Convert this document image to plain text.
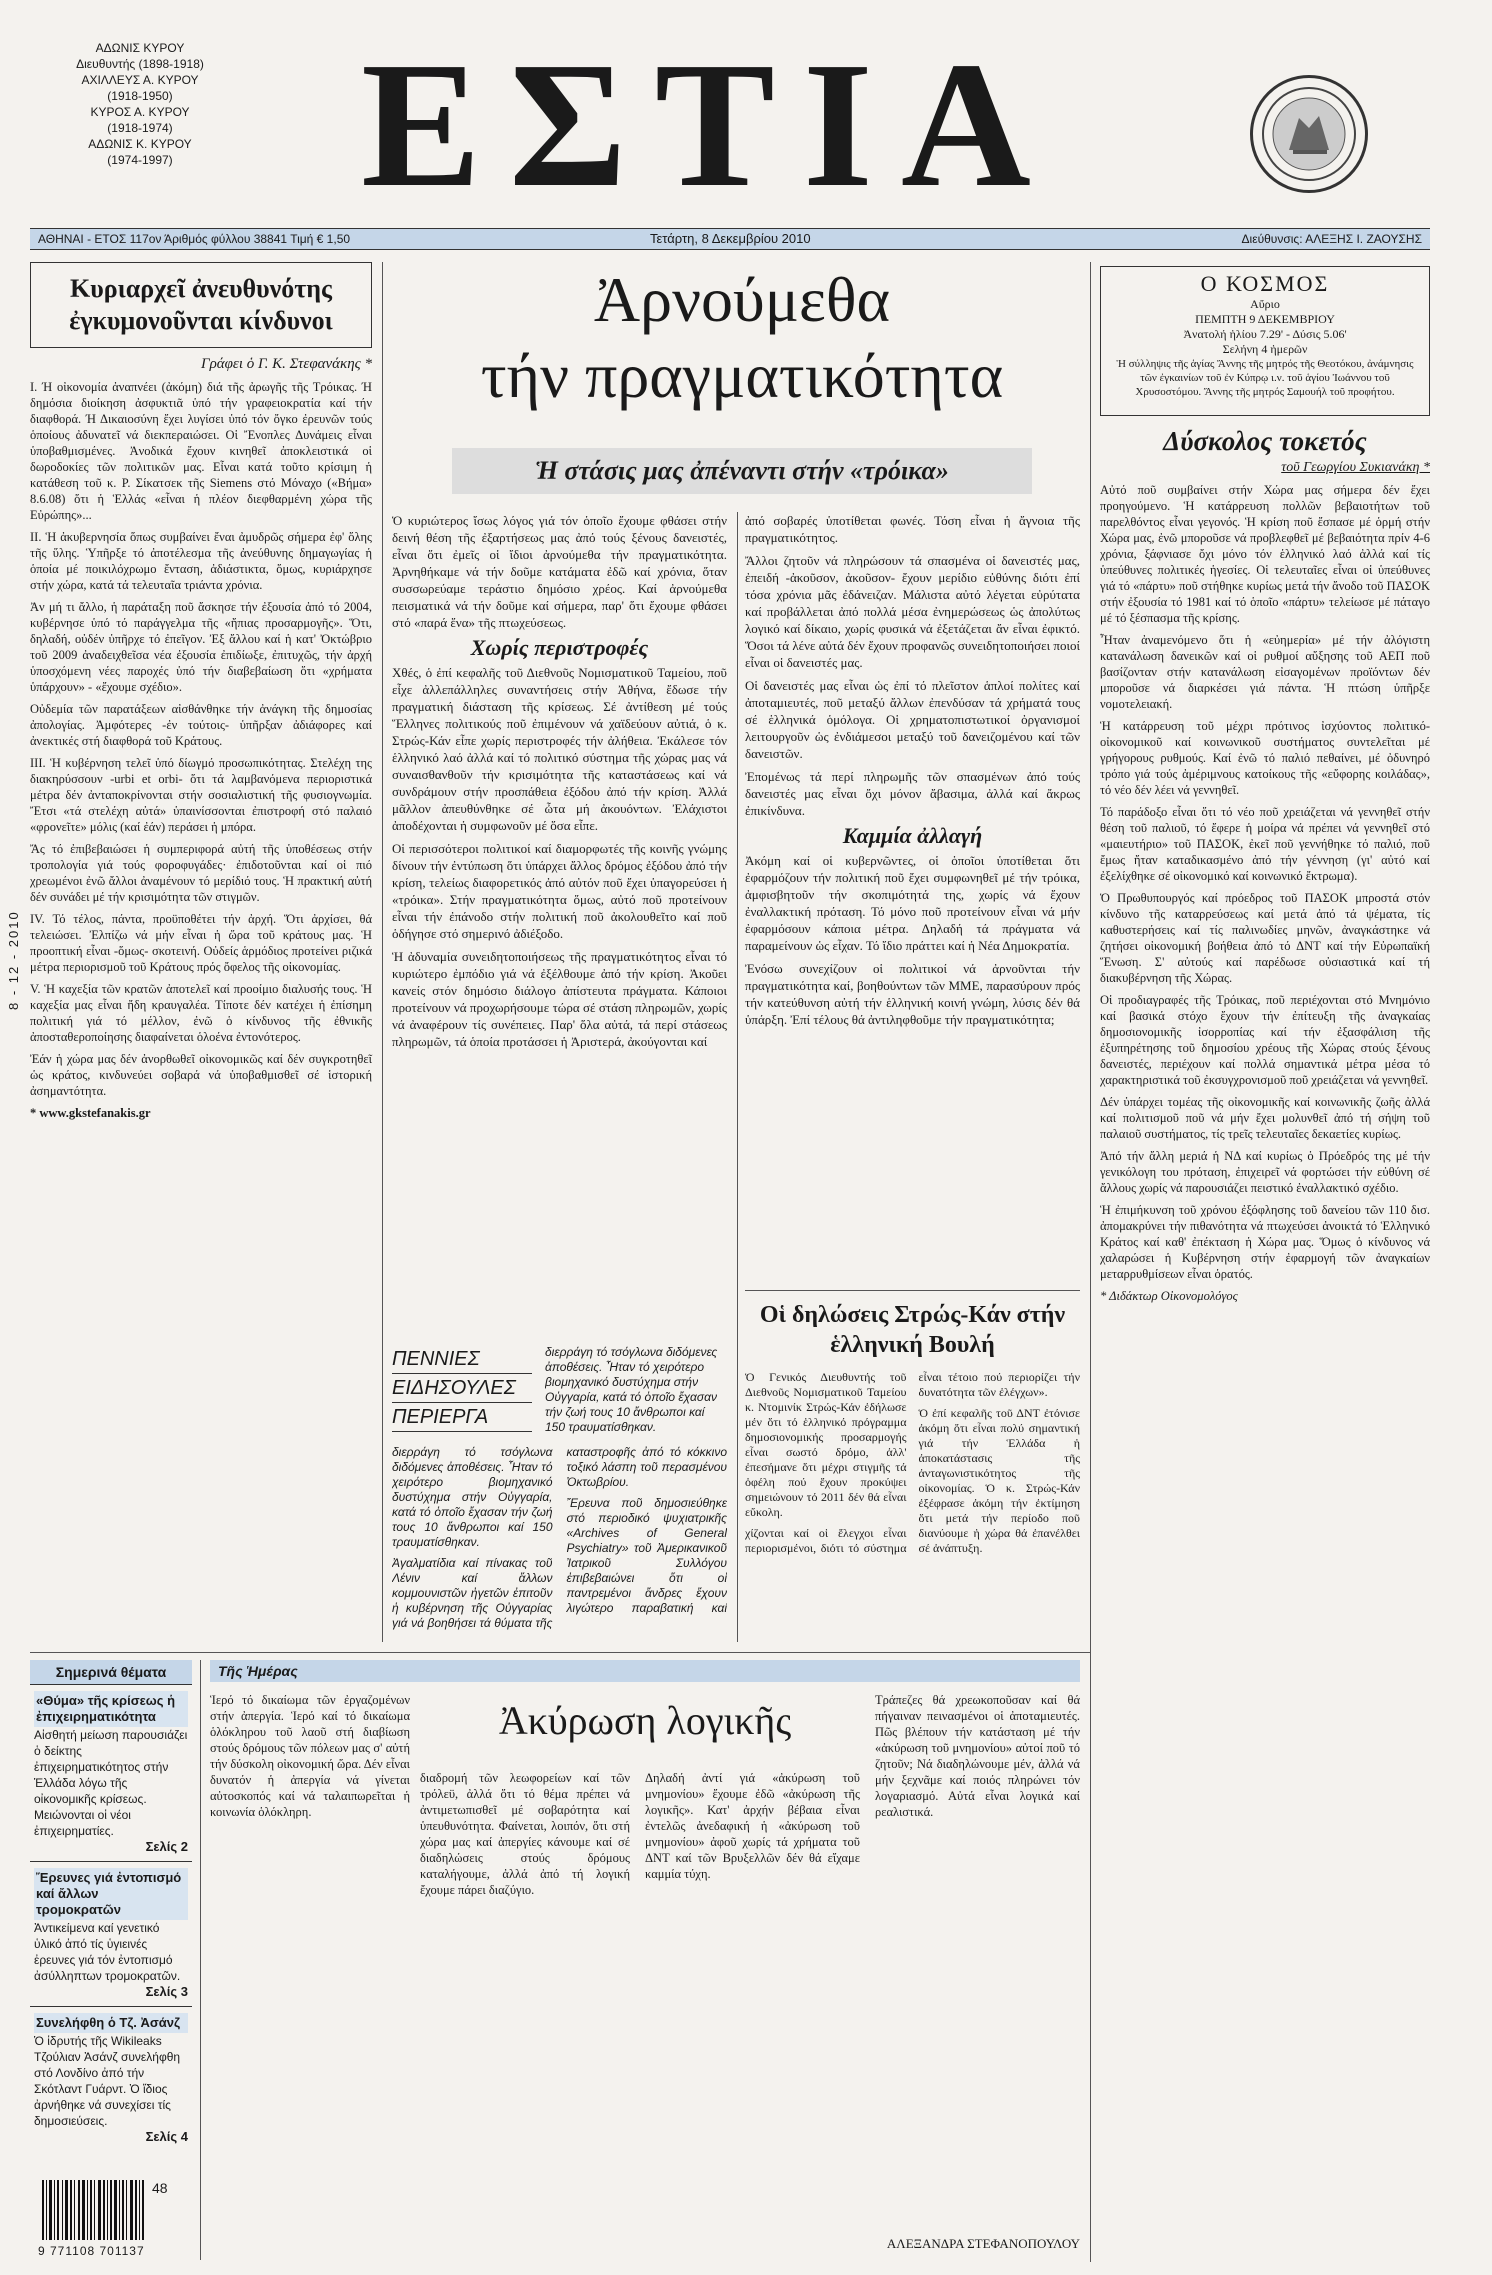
ΑΔΩΝΙΣ ΚΥΡΟΥ
Διευθυντής (1898-1918)
ΑΧΙΛΛΕΥΣ Α. ΚΥΡΟΥ
(1918-1950)
ΚΥΡΟΣ Α. ΚΥΡΟΥ
(1918-1974)
ΑΔΩΝΙΣ Κ. ΚΥΡΟΥ
(1974-1997)	ΕΣΤΙΑ
ΑΘΗΝΑΙ - ΕΤΟΣ 117ον Άριθμός φύλλου 38841 Τιμή € 1,50	Τετάρτη, 8 Δεκεμβρίου 2010	Διεύθυνσις: ΑΛΕΞΗΣ Ι. ΖΑΟΥΣΗΣ
8 - 12 - 2010
Κυριαρχεῖ ἀνευθυνότης ἐγκυμονοῦνται κίνδυνοι
Γράφει ὁ Γ. Κ. Στεφανάκης *

Ι. Ή οἰκονομία ἀναπνέει (ἀκόμη) διά τῆς ἀρωγῆς τῆς Τρόικας. Ή δημόσια διοίκηση ἀσφυκτιᾶ ὑπό τήν γραφειοκρατία καί τήν διαφθορά. Ή Δικαιοσύνη ἔχει λυγίσει ὑπό τόν ὄγκο ἐρευνῶν τούς ὁποίους ἀδυνατεῖ νά διεκπεραιώσει. Οἱ Ἔνοπλες Δυνάμεις εἶναι ὑποβαθμισμένες. Ἀνοδικά ἔχουν κινηθεῖ ἀποκλειστικά οἱ δωροδοκίες τῶν πολιτικῶν μας. Εἶναι κατά τοῦτο κρίσιμη ἡ κατάθεση τοῦ κ. Ρ. Σίκατσεκ τῆς Siemens στό Μόναχο («Βήμα» 8.6.08) ὅτι ἡ Ἑλλάς «εἶναι ἡ πλέον διεφθαρμένη χώρα τῆς Εὐρώπης»...

ΙΙ. Ἡ ἀκυβερνησία ὅπως συμβαίνει ἔναι ἀμυδρῶς σήμερα ἐφ' ὅλης τῆς ὕλης. Ὑπῆρξε τό ἀποτέλεσμα τῆς ἀνεύθυνης δημαγωγίας ἡ ὁποία μέ ποικιλόχρωμο ἔνταση, ἀδιάστικτα, ὅμως, κυριάρχησε στήν χώρα, κατά τά τελευταῖα τριάντα χρόνια.

Ἀν μή τι ἄλλο, ἡ παράταξη ποῦ ἄσκησε τήν ἐξουσία ἀπό τό 2004, κυβέρνησε ὑπό τό παράγγελμα τῆς «ἤπιας προσαρμογῆς». Ὅτι, δηλαδή, οὐδέν ὑπῆρχε τό ἐπεῖγον. Ἐξ ἄλλου καί ἡ κατ' Ὀκτώβριο τοῦ 2009 ἀναδειχθεῖσα νέα ἐξουσία ἐπιδίωξε, ἐπιτυχῶς, τήν ἀρχή ὑποσχόμενη νέες παροχές ὑπό τήν διαβεβαίωση ὅτι «χρήματα ὑπάρχουν» - «ἔχουμε σχέδιο».

Οὐδεμία τῶν παρατάξεων αἰσθάνθηκε τήν ἀνάγκη τῆς δημοσίας ἀπολογίας. Ἀμφότερες -ἐν τούτοις- ὑπῆρξαν ἀδιάφορες καί ἀνεκτικές στή διαφθορά τοῦ Κράτους.

ΙΙΙ. Ἡ κυβέρνηση τελεῖ ὑπό δίωγμό προσωπικότητας. Στελέχη της διακηρύσσουν -urbi et orbi- ὅτι τά λαμβανόμενα περιοριστικά μέτρα δέν ἀνταποκρίνονται στήν σοσιαλιστική τῆς φυσιογνωμία. Ἔτσι «τά στελέχη αὐτά» ὑπαινίσσονται ἐπιστροφή στό παλαιό «φρονεῖτε» μόλις (καί ἐάν) περάσει ἡ μπόρα.

Ἄς τό ἐπιβεβαιώσει ἡ συμπεριφορά αὐτή τῆς ὑποθέσεως στήν τροπολογία γιά τούς φοροφυγάδες· ἐπιδοτοῦνται καί οἱ πιό χρεωμένοι ἐνῶ ἄλλοι ἀναμένουν τό μερίδιό τους. Ἡ πρακτική αὐτή δέν συνάδει μέ τήν κρισιμότητα τῶν στιγμῶν.

IV. Τό τέλος, πάντα, προϋποθέτει τήν ἀρχή. Ὅτι ἀρχίσει, θά τελειώσει. Ἐλπίζω νά μήν εἶναι ἡ ὥρα τοῦ κράτους μας. Ἡ προοπτική εἶναι -ὅμως- σκοτεινή. Οὐδείς ἁρμόδιος προτείνει ριζικά μέτρα περιορισμοῦ τοῦ Κράτους πρός ὄφελος τῆς οἰκονομίας.

V. Ἡ καχεξία τῶν κρατῶν ἀποτελεῖ καί προοίμιο διαλυσής τους. Ἡ καχεξία μας εἶναι ἤδη κραυγαλέα. Τίποτε δέν κατέχει ἡ ἐπίσημη πολιτική γιά τό μέλλον, ἐνῶ ὁ κίνδυνος τῆς ἐθνικῆς ἀποσταθεροποίησης διαφαίνεται ὁλοένα ἐντονότερος.

Ἐάν ἡ χώρα μας δέν ἀνορθωθεῖ οἰκονομικῶς καί δέν συγκροτηθεῖ ὡς κράτος, κινδυνεύει σοβαρά νά ὑποβαθμισθεῖ σέ ἱστορική ἀσημαντότητα.

* www.gkstefanakis.gr

Ἀρνούμεθα
τήν πραγματικότητα
Ἡ στάσις μας ἀπέναντι στήν «τρόικα»

Ὁ κυριώτερος ἴσως λόγος γιά τόν ὁποῖο ἔχουμε φθάσει στήν δεινή θέση τῆς ἐξαρτήσεως μας ἀπό τούς ξένους δανειστές, εἶναι ὅτι ἐμεῖς οἱ ἴδιοι ἀρνούμεθα τήν πραγματικότητα. Ἀρνηθήκαμε νά τήν δοῦμε κατάματα ἐδῶ καί χρόνια, ὅταν συσσωρεύαμε τεράστιο δημόσιο χρέος. Καί ἀρνούμεθα πεισματικά νά τήν δοῦμε καί σήμερα, παρ' ὅτι ἔχουμε φθάσει στό «παρά ἕνα» τῆς πτωχεύσεως.

Χωρίς περιστροφές

Χθές, ὁ ἐπί κεφαλῆς τοῦ Διεθνοῦς Νομισματικοῦ Ταμείου, ποῦ εἶχε ἀλλεπάλληλες συναντήσεις στήν Ἀθήνα, ἔδωσε τήν πραγματική διάσταση τῆς κρίσεως. Σέ ἀντίθεση μέ τούς Ἕλληνες πολιτικούς ποῦ ἐπιμένουν νά χαϊδεύουν αὐτιά, ὁ κ. Στρώς-Κάν εἶπε χωρίς περιστροφές τήν ἀλήθεια. Ἐκάλεσε τόν ἑλληνικό λαό ἀλλά καί τό πολιτικό σύστημα τῆς χώρας μας νά συναισθανθοῦν τήν κρισιμότητα τῆς καταστάσεως καί νά συνδράμουν στήν προσπάθεια ἐξόδου ἀπό τήν κρίση. Ἀλλά μᾶλλον ἀπευθύνθηκε σέ ὦτα μή ἀκουόντων. Ἐλάχιστοι ἀποδέχονται ἡ συμφωνοῦν μέ ὅσα εἶπε.

Οἱ περισσότεροι πολιτικοί καί διαμορφωτές τῆς κοινῆς γνώμης δίνουν τήν ἐντύπωση ὅτι ὑπάρχει ἄλλος δρόμος ἐξόδου ἀπό τήν κρίση, τελείως διαφορετικός ἀπό αὐτόν ποῦ ἔχει ὑπαγορεύσει ἡ «τρόικα». Στήν πραγματικότητα ὅμως, αὐτό ποῦ προτείνουν εἶναι τήν ἐπάνοδο στήν πολιτική ποῦ ἀκολουθεῖτο καί ποῦ ὁδήγησε στό σημερινό ἀδιέξοδο.

Ἡ ἀδυναμία συνειδητοποιήσεως τῆς πραγματικότητος εἶναι τό κυριώτερο ἐμπόδιο γιά νά ἐξέλθουμε ἀπό τήν κρίση. Ἀκοῦει κανείς στόν δημόσιο διάλογο ἀπίστευτα πράγματα. Κάποιοι προτείνουν νά προχωρήσουμε τώρα σέ στάση πληρωμῶν, χωρίς νά ἀναφέρουν τίς συνέπειες. Παρ' ὅλα αὐτά, τά περί στάσεως πληρωμῶν, τά ὁποία προτάσσει ἡ Ἀριστερά, ἀκούγονται καί

ἀπό σοβαρές ὑποτίθεται φωνές. Τόση εἶναι ἡ ἄγνοια τῆς πραγματικότητος.

Ἄλλοι ζητοῦν νά πληρώσουν τά σπασμένα οἱ δανειστές μας, ἐπειδή -ἀκοῦσον, ἀκοῦσον- ἔχουν μερίδιο εὐθύνης διότι ἐπί τόσα χρόνια μᾶς ἐδάνειζαν. Μάλιστα αὐτό λέγεται εὐρύτατα καί προβάλλεται ἀπό πολλά μέσα ἐνημερώσεως ὡς ἀπολύτως λογικό καί δίκαιο, χωρίς φυσικά νά ἐξετάζεται ἄν εἶναι ἐφικτό. Ὅσοι τά λένε αὐτά δέν ἔχουν προφανῶς συνειδητοποιήσει ποιοί εἶναι οἱ δανειστές μας.

Οἱ δανειστές μας εἶναι ὡς ἐπί τό πλεῖστον ἁπλοί πολίτες καί ἀποταμιευτές, ποῦ μεταξύ ἄλλων ἐπενδύσαν τά χρήματά τους σέ ἑλληνικά ὁμόλογα. Οἱ χρηματοπιστωτικοί ὀργανισμοί λειτουργοῦν ὡς ἐνδιάμεσοι μεταξύ τοῦ δανειζομένου καί τῶν δανειστῶν.

Ἐπομένως τά περί πληρωμῆς τῶν σπασμένων ἀπό τούς δανειστές μας εἶναι ὄχι μόνον ἄβασιμα, ἀλλά καί ἄκρως ἐπικίνδυνα.

Καμμία ἀλλαγή

Ἀκόμη καί οἱ κυβερνῶντες, οἱ ὁποῖοι ὑποτίθεται ὅτι ἐφαρμόζουν τήν πολιτική ποῦ ἔχει συμφωνηθεῖ μέ τήν τρόικα, ἀμφισβητοῦν τήν σκοπιμότητά της, χωρίς νά ἔχουν ἐναλλακτική πρόταση. Τό μόνο ποῦ προτείνουν εἶναι νά μήν ἐφαρμόσουν κάποια μέτρα. Δηλαδή τά πράγματα νά παραμείνουν ὡς εἶχαν. Τό ἴδιο πράττει καί ἡ Νέα Δημοκρατία.

Ἐνόσω συνεχίζουν οἱ πολιτικοί νά ἀρνοῦνται τήν πραγματικότητα καί, βοηθούντων τῶν ΜΜΕ, παρασύρουν πρός τήν κατεύθυνση αὐτή τήν ἑλληνική κοινή γνώμη, λύσις δέν θά ὑπάρξη. Ἐπί τέλους θά ἀντιληφθοῦμε τήν πραγματικότητα;

ΠΕΝΝΙΕΣ
ΕΙΔΗΣΟΥΛΕΣ
ΠΕΡΙΕΡΓΑ

διερράγη τό τσόγλωνα διδόμενες ἀποθέσεις. Ἦταν τό χειρότερο βιομηχανικό δυστύχημα στήν Οὐγγαρία, κατά τό ὁποῖο ἔχασαν τήν ζωή τους 10 ἄνθρωποι καί 150 τραυματίσθηκαν.

Ἀγαλματίδια καί πίνακας τοῦ Λένιν καί ἄλλων κομμουνιστῶν ἠγετῶν ἐπιτοῦν ἡ κυβέρνηση τῆς Οὐγγαρίας γιά νά βοηθήσει τά θύματα τῆς καταστροφῆς ἀπό τό κόκκινο τοξικό λάσπη τοῦ περασμένου Ὀκτωβρίου.

Ἔρευνα ποῦ δημοσιεύθηκε στό περιοδικό ψυχιατρικῆς «Archives of General Psychiatry» τοῦ Ἀμερικανικοῦ Ἰατρικοῦ Συλλόγου ἐπιβεβαιώνει ὅτι οἱ παντρεμένοι ἄνδρες ἔχουν λιγώτερο παραβατική καί

διερράγη τό τσόγλωνα διδόμενες ἀποθέσεις. Ἦταν τό χειρότερο βιομηχανικό δυστύχημα στήν Οὐγγαρία, κατά τό ὁποῖο ἔχασαν τήν ζωή τους 10 ἄνθρωποι καί 150 τραυματίσθηκαν.
Οἱ δηλώσεις Στρώς-Κάν στήν ἑλληνική Βουλή

Ὁ Γενικός Διευθυντής τοῦ Διεθνοῦς Νομισματικοῦ Ταμείου κ. Ντομινίκ Στρώς-Κάν ἐδήλωσε μέν ὅτι τό ἑλληνικό πρόγραμμα δημοσιονομικής προσαρμογής εἶναι σωστό δρόμο, ἀλλ' ἐπεσήμανε ὅτι μέχρι στιγμῆς τά ὀφέλη πού ἔχουν προκύψει σημειώνουν τό 2011 δέν θά εἶναι εὔκολη.

χίζονται καί οἱ ἔλεγχοι εἶναι περιορισμένοι, διότι τό σύστημα εἶναι τέτοιο πού περιορίζει τήν δυνατότητα τῶν ἐλέγχων».

Ὁ ἐπί κεφαλῆς τοῦ ΔΝΤ ἐτόνισε ἀκόμη ὅτι εἶναι πολύ σημαντική γιά τήν Ἑλλάδα ἡ ἀποκατάστασις τῆς ἀνταγωνιστικότητος τῆς οἰκονομίας. Ὁ κ. Στρώς-Κάν ἐξέφρασε ἀκόμη τήν ἐκτίμηση ὅτι μετά τήν περίοδο ποῦ διανύουμε ἡ χώρα θά ἐπανέλθει σέ ἀνάπτυξη.

Ο ΚΟΣΜΟΣ
Αὔριο
ΠΕΜΠΤΗ 9 ΔΕΚΕΜΒΡΙΟΥ
Ἀνατολή ἡλίου 7.29' - Δύσις 5.06'
Σελήνη 4 ἡμερῶν
Ἡ σύλληψις τῆς ἁγίας Ἄννης τῆς μητρός τῆς Θεοτόκου, ἀνάμνησις τῶν ἐγκαινίων τοῦ ἐν Κύπρῳ ι.ν. τοῦ ἁγίου Ἰωάννου τοῦ Χρυσοστόμου. Ἄννης τῆς μητρός Σαμουήλ τοῦ προφήτου.
Δύσκολος τοκετός
τοῦ Γεωργίου Συκιανάκη *

Αὐτό ποῦ συμβαίνει στήν Χώρα μας σήμερα δέν ἔχει προηγούμενο. Ἡ κατάρρευση πολλῶν βεβαιοτήτων τοῦ παρελθόντος εἶναι γεγονός. Ἡ κρίση ποῦ ἔσπασε μέ ὁρμή στήν Χώρα μας, ἐνῶ μποροῦσε νά προβλεφθεῖ μέ βεβαιότητα πρίν 4-6 χρόνια, ξάφνιασε ὄχι μόνο τόν ἑλληνικό λαό ἀλλά καί τίς ὑπεύθυνες πολιτικές ἡγεσίες. Οἱ τελευταῖες εἶναι οἱ ὑπεύθυνες γιά τό «πάρτυ» ποῦ στήθηκε κυρίως μετά τήν ἄνοδο τοῦ ΠΑΣΟΚ στήν ἐξουσία τό 1981 καί τό ὁποῖο «πάρτυ» τελείωσε μέ πάταγο μέ τό ξέσπασμα τῆς κρίσης.

Ἦταν ἀναμενόμενο ὅτι ἡ «εὐημερία» μέ τήν ἀλόγιστη κατανάλωση δανεικῶν καί οἱ ρυθμοί αὔξησης τοῦ ΑΕΠ ποῦ βασίζονταν στήν κατανάλωση εἰσαγομένων προϊόντων δέν μποροῦσε νά διαρκέσει γιά πάντα. Ἡ πτώση ὑπῆρξε νομοτελειακή.

Ἡ κατάρρευση τοῦ μέχρι πρότινος ἰσχύοντος πολιτικό-οἰκονομικοῦ καί κοινωνικοῦ συστήματος συντελεῖται μέ γρήγορους ρυθμούς. Καί ἐνῶ τό παλιό πεθαίνει, μέ ὀδυνηρό τρόπο γιά τούς ἀμέριμνους κατοίκους τῆς «εὔφορης κοιλάδας», τό νέο δέν λέει νά γεννηθεῖ.

Τό παράδοξο εἶναι ὅτι τό νέο ποῦ χρειάζεται νά γεννηθεῖ στήν θέση τοῦ παλιοῦ, τό ἔφερε ἡ μοίρα νά πρέπει νά γεννηθεῖ στό «μαιευτήριο» τοῦ ΠΑΣΟΚ, ἐκεῖ ποῦ γεννήθηκε τό παλιό, ποῦ ἔμως ἤταν καταδικασμένο ἀπό τήν γέννηση (γι' αὐτό καί ἐξελίχθηκε σέ οἰκονομικό καί κοινωνικό ἔκτρωμα).

Ὁ Πρωθυπουργός καί πρόεδρος τοῦ ΠΑΣΟΚ μπροστά στόν κίνδυνο τῆς καταρρεύσεως καί μετά ἀπό τά ψέματα, τίς καθυστερήσεις καί τίς παλινωδίες μηνῶν, ἀναγκάστηκε νά ζητήσει οἰκονομική βοήθεια ἀπό τό ΔΝΤ καί τήν Εὐρωπαϊκή Ἕνωση. Σ' αὐτούς καί παρέδωσε οὐσιαστικά καί τή διακυβέρνηση τῆς Χώρας.

Οἱ προδιαγραφές τῆς Τρόικας, ποῦ περιέχονται στό Μνημόνιο καί βασικά στόχο ἔχουν τήν ἐπίτευξη τῆς ἀναγκαίας δημοσιονομικῆς ἰσορροπίας καί τήν ἐξασφάλιση τῆς ἐξυπηρέτησης τοῦ δημοσίου χρέους τῆς Χώρας στούς ξένους δανειστές, περιέχουν καί πολλά σημαντικά μέτρα μέσα τό χαρακτηριστικά τοῦ ἐκσυγχρονισμοῦ ποῦ χρειάζεται νά γεννηθεῖ.

Δέν ὑπάρχει τομέας τῆς οἰκονομικῆς καί κοινωνικῆς ζωῆς ἀλλά καί πολιτισμοῦ ποῦ νά μήν ἔχει μολυνθεῖ ἀπό τή σήψη τοῦ παλαιοῦ συστήματος, τίς τρεῖς τελευταῖες δεκαετίες κυρίως.

Ἀπό τήν ἄλλη μεριά ἡ ΝΔ καί κυρίως ὁ Πρόεδρός της μέ τήν γενικόλογη του πρόταση, ἐπιχειρεῖ νά φορτώσει τήν εὐθύνη σέ ἄλλους χωρίς νά παρουσιάζει πειστικό ἐναλλακτικό σχέδιο.

Ἡ ἐπιμήκυνση τοῦ χρόνου ἐξόφλησης τοῦ δανείου τῶν 110 δισ. ἀπομακρύνει τήν πιθανότητα νά πτωχεύσει ἀνοικτά τό Ἑλληνικό Κράτος καί καθ' ἐπέκταση ἡ Χώρα μας. Ὅμως ὁ κίνδυνος νά χαλαρώσει ἡ Κυβέρνηση στήν ἐφαρμογή τῶν ἀναγκαίων μεταρρυθμίσεων εἶναι ὁρατός.

* Διδάκτωρ Οἰκονομολόγος

Σημερινά θέματα
«Θύμα» τῆς κρίσεως ἡ ἐπιχειρηματικότητα
Αἰσθητή μείωση παρουσιάζει ὁ δείκτης ἐπιχειρηματικότητος στήν Ἑλλάδα λόγω τῆς οἰκονομικῆς κρίσεως. Μειώνονται οἱ νέοι ἐπιχειρηματίες.
Σελίς 2
Ἔρευνες γιά ἐντοπισμό καί ἄλλων τρομοκρατῶν
Ἀντικείμενα καί γενετικό ὑλικό ἀπό τίς ὑγιεινές ἐρευνες γιά τόν ἐντοπισμό ἀσύλληπτων τρομοκρατῶν.
Σελίς 3
Συνελήφθη ὁ Τζ. Ἀσάνζ
Ὁ ἱδρυτής τῆς Wikileaks Τζούλιαν Ἀσάνζ συνελήφθη στό Λονδίνο ἀπό τήν Σκότλαντ Γυάρντ. Ὁ ἴδιος ἀρνήθηκε νά συνεχίσει τίς δημοσιεύσεις.
Σελίς 4
48
9 771108 701137
Τῆς Ἡμέρας
Ἱερό τό δικαίωμα τῶν ἐργαζομένων στήν ἀπεργία. Ἱερό καί τό δικαίωμα ὁλόκληρου τοῦ λαοῦ στή διαβίωση στούς δρόμους τῶν πόλεων μας σ' αὐτή τήν δύσκολη οἰκονομική ὥρα. Δέν εἶναι δυνατόν ἡ ἀπεργία νά γίνεται αὐτοσκοπός καί νά ταλαιπωρεῖται ἡ κοινωνία ὁλόκληρη.
Ἀκύρωση λογικῆς
διαδρομή τῶν λεωφορείων καί τῶν τρόλεϋ, ἀλλά ὅτι τό θέμα πρέπει νά ἀντιμετωπισθεῖ μέ σοβαρότητα καί ὑπευθυνότητα. Φαίνεται, λοιπόν, ὅτι στή χώρα μας καί ἀπεργίες κάνουμε καί σέ διαδηλώσεις στούς δρόμους καταλήγουμε, ἀλλά ἀπό τή λογική ἔχουμε πάρει διαζύγιο.
Δηλαδή ἀντί γιά «ἀκύρωση τοῦ μνημονίου» ἔχουμε ἐδῶ «ἀκύρωση τῆς λογικῆς». Κατ' ἀρχήν βέβαια εἶναι ἐντελῶς ἀνεδαφική ἡ «ἀκύρωση τοῦ μνημονίου» ἀφοῦ χωρίς τά χρήματα τοῦ ΔΝΤ καί τῶν Βρυξελλῶν δέν θά εἴχαμε καμμία τύχη.
Τράπεζες θά χρεωκοποῦσαν καί θά πήγαιναν πεινασμένοι οἱ ἀποταμιευτές. Πῶς βλέπουν τήν κατάσταση μέ τήν «ἀκύρωση τοῦ μνημονίου» αὐτοί ποῦ τό ζητοῦν; Νά διαδηλώνουμε μέν, ἀλλά νά μήν ξεχνᾶμε καί ποιός πληρώνει τόν λογαριασμό. Αὐτά εἶναι λογικά καί ρεαλιστικά.
ΑΛΕΞΑΝΔΡΑ ΣΤΕΦΑΝΟΠΟΥΛΟΥ
